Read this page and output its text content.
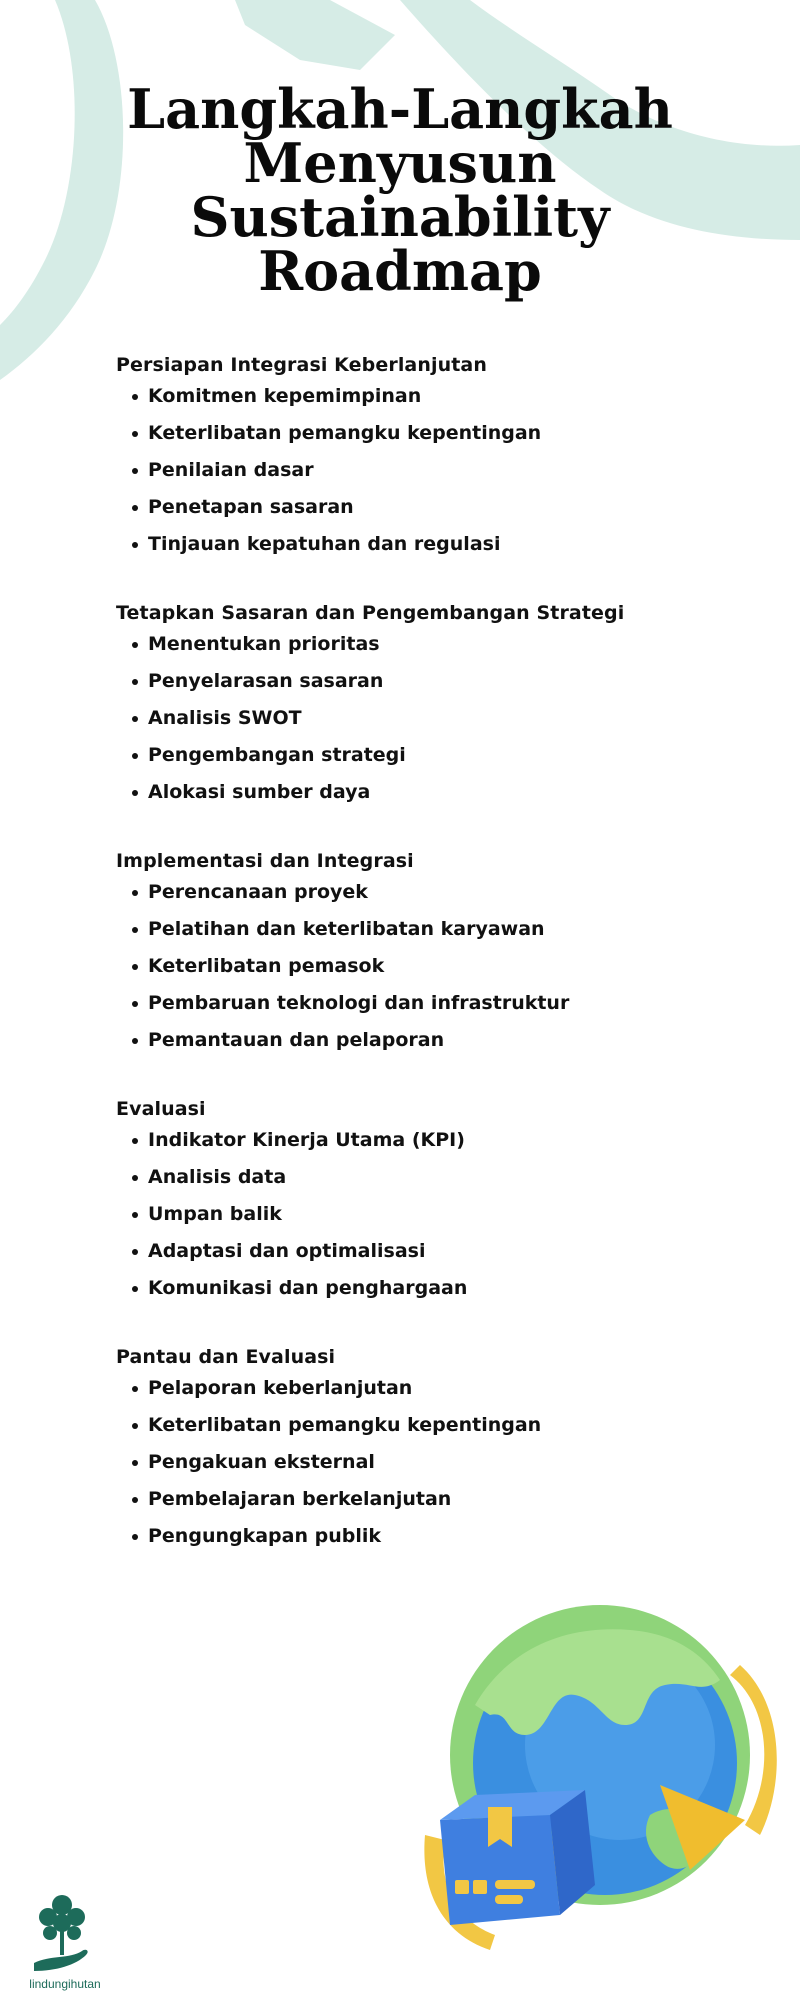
Langkah-Langkah
Menyusun
Sustainability
Roadmap
Persiapan Integrasi Keberlanjutan
Komitmen kepemimpinan
Keterlibatan pemangku kepentingan
Penilaian dasar
Penetapan sasaran
Tinjauan kepatuhan dan regulasi
Tetapkan Sasaran dan Pengembangan Strategi
Menentukan prioritas
Penyelarasan sasaran
Analisis SWOT
Pengembangan strategi
Alokasi sumber daya
Implementasi dan Integrasi
Perencanaan proyek
Pelatihan dan keterlibatan karyawan
Keterlibatan pemasok
Pembaruan teknologi dan infrastruktur
Pemantauan dan pelaporan
Evaluasi
Indikator Kinerja Utama (KPI)
Analisis data
Umpan balik
Adaptasi dan optimalisasi
Komunikasi dan penghargaan
Pantau dan Evaluasi
Pelaporan keberlanjutan
Keterlibatan pemangku kepentingan
Pengakuan eksternal
Pembelajaran berkelanjutan
Pengungkapan publik
lindungihutan
